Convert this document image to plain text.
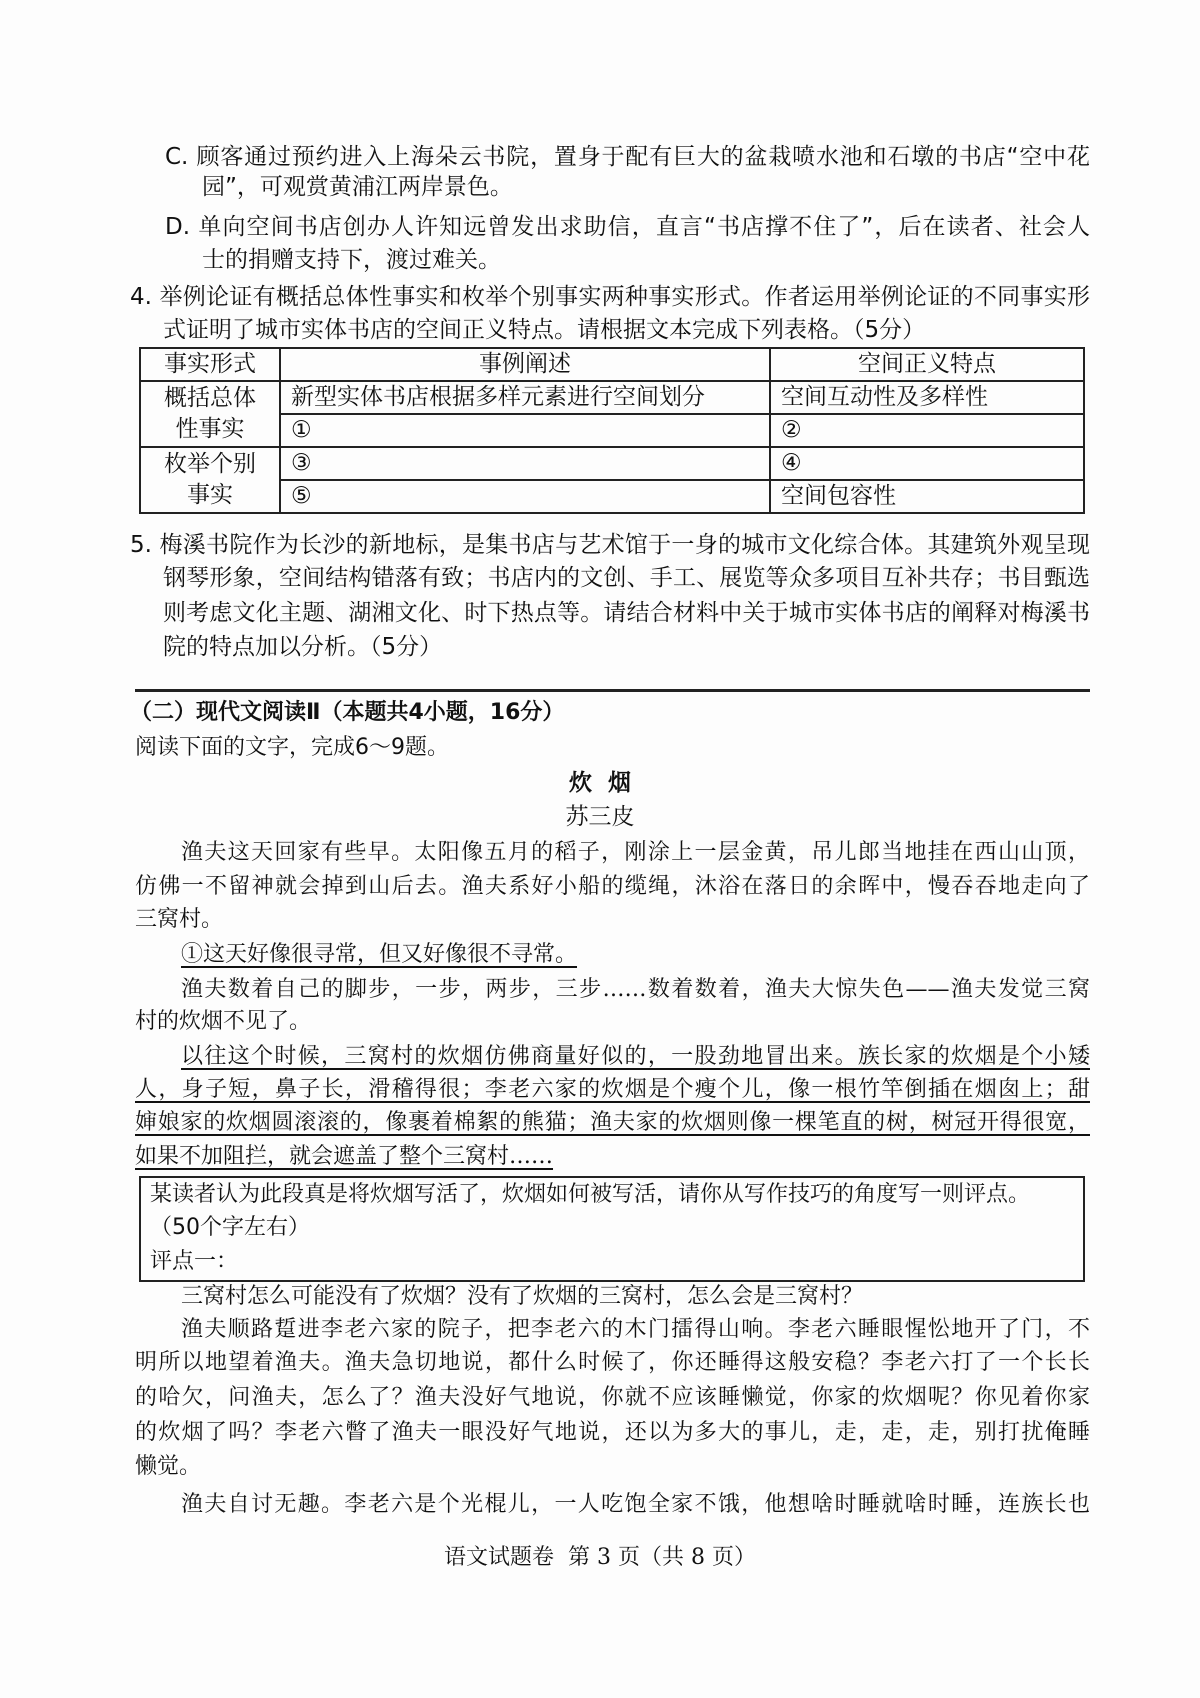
C. 顾客通过预约进入上海朵云书院，置身于配有巨大的盆栽喷水池和石墩的书店“空中花
园”，可观赏黄浦江两岸景色。
D. 单向空间书店创办人许知远曾发出求助信，直言“书店撑不住了”，后在读者、社会人
士的捐赠支持下，渡过难关。
4. 举例论证有概括总体性事实和枚举个别事实两种事实形式。作者运用举例论证的不同事实形
式证明了城市实体书店的空间正义特点。请根据文本完成下列表格。（5分）
事实形式	事例阐述	空间正义特点
概括总体
性事实	新型实体书店根据多样元素进行空间划分	空间互动性及多样性
	①	②
枚举个别
事实	③	④
	⑤	空间包容性
5. 梅溪书院作为长沙的新地标，是集书店与艺术馆于一身的城市文化综合体。其建筑外观呈现
钢琴形象，空间结构错落有致；书店内的文创、手工、展览等众多项目互补共存；书目甄选
则考虑文化主题、湖湘文化、时下热点等。请结合材料中关于城市实体书店的阐释对梅溪书
院的特点加以分析。（5分）
（二）现代文阅读Ⅱ（本题共4小题，16分）
阅读下面的文字，完成6～9题。
炊  烟
苏三皮
渔夫这天回家有些早。太阳像五月的稻子，刚涂上一层金黄，吊儿郎当地挂在西山山顶，
仿佛一不留神就会掉到山后去。渔夫系好小船的缆绳，沐浴在落日的余晖中，慢吞吞地走向了
三窝村。
①这天好像很寻常，但又好像很不寻常。
渔夫数着自己的脚步，一步，两步，三步……数着数着，渔夫大惊失色——渔夫发觉三窝
村的炊烟不见了。
以往这个时候，三窝村的炊烟仿佛商量好似的，一股劲地冒出来。族长家的炊烟是个小矮
人，身子短，鼻子长，滑稽得很；李老六家的炊烟是个瘦个儿，像一根竹竿倒插在烟囱上；甜
婶娘家的炊烟圆滚滚的，像裹着棉絮的熊猫；渔夫家的炊烟则像一棵笔直的树，树冠开得很宽，
如果不加阻拦，就会遮盖了整个三窝村……
某读者认为此段真是将炊烟写活了，炊烟如何被写活，请你从写作技巧的角度写一则评点。
（50个字左右）
评点一：
三窝村怎么可能没有了炊烟？没有了炊烟的三窝村，怎么会是三窝村？
渔夫顺路踅进李老六家的院子，把李老六的木门擂得山响。李老六睡眼惺忪地开了门，不
明所以地望着渔夫。渔夫急切地说，都什么时候了，你还睡得这般安稳？李老六打了一个长长
的哈欠，问渔夫，怎么了？渔夫没好气地说，你就不应该睡懒觉，你家的炊烟呢？你见着你家
的炊烟了吗？李老六瞥了渔夫一眼没好气地说，还以为多大的事儿，走，走，走，别打扰俺睡
懒觉。
渔夫自讨无趣。李老六是个光棍儿，一人吃饱全家不饿，他想啥时睡就啥时睡，连族长也
语文试题卷  第 3 页（共 8 页）
